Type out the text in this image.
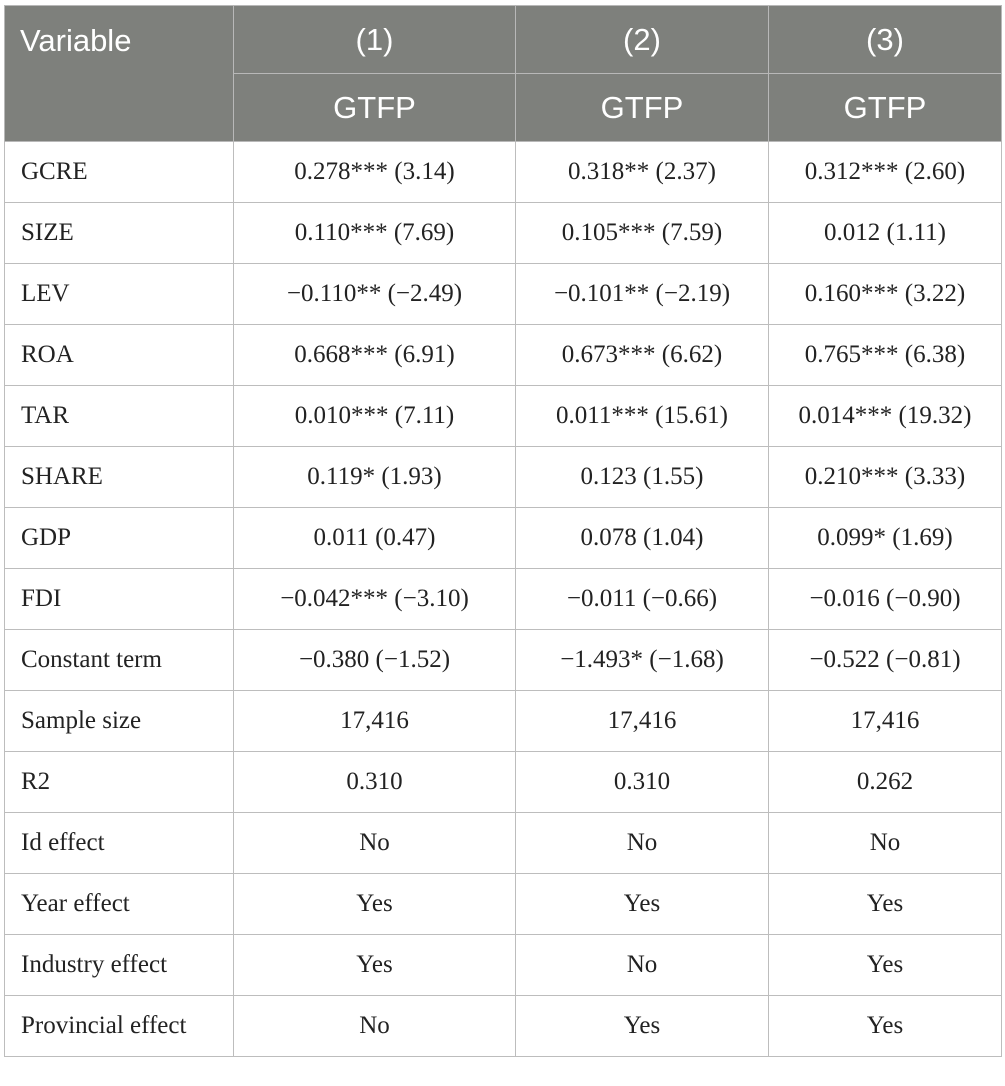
Variable	(1)	(2)	(3)
	GTFP	GTFP	GTFP
GCRE	0.278*** (3.14)	0.318** (2.37)	0.312*** (2.60)
SIZE	0.110*** (7.69)	0.105*** (7.59)	0.012 (1.11)
LEV	−0.110** (−2.49)	−0.101** (−2.19)	0.160*** (3.22)
ROA	0.668*** (6.91)	0.673*** (6.62)	0.765*** (6.38)
TAR	0.010*** (7.11)	0.011*** (15.61)	0.014*** (19.32)
SHARE	0.119* (1.93)	0.123 (1.55)	0.210*** (3.33)
GDP	0.011 (0.47)	0.078 (1.04)	0.099* (1.69)
FDI	−0.042*** (−3.10)	−0.011 (−0.66)	−0.016 (−0.90)
Constant term	−0.380 (−1.52)	−1.493* (−1.68)	−0.522 (−0.81)
Sample size	17,416	17,416	17,416
R2	0.310	0.310	0.262
Id effect	No	No	No
Year effect	Yes	Yes	Yes
Industry effect	Yes	No	Yes
Provincial effect	No	Yes	Yes
